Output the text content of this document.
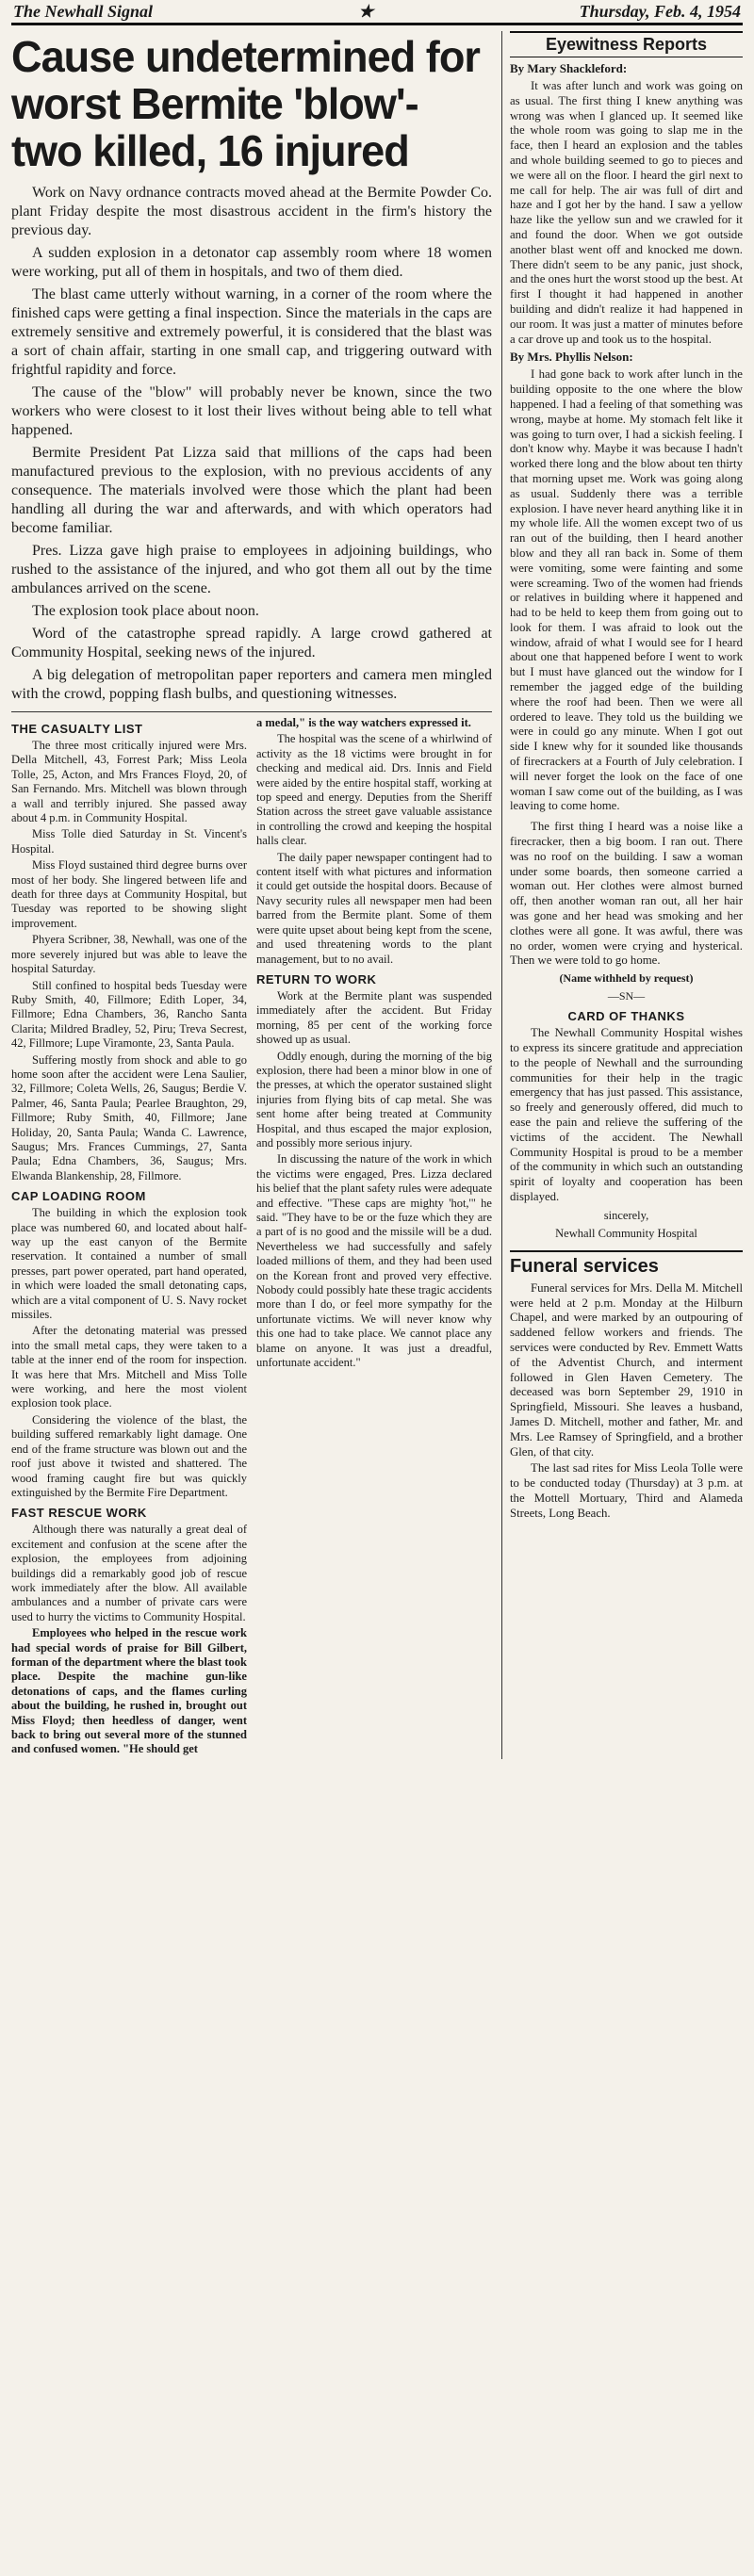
The Newhall Signal	★	Thursday, Feb. 4, 1954
Cause undetermined for
worst Bermite 'blow'-
two killed, 16 injured

Work on Navy ordnance contracts moved ahead at the Bermite Powder Co. plant Friday despite the most disastrous accident in the firm's history the previous day.

A sudden explosion in a detonator cap assembly room where 18 women were working, put all of them in hospitals, and two of them died.

The blast came utterly without warning, in a corner of the room where the finished caps were getting a final inspection. Since the materials in the caps are extremely sensitive and extremely powerful, it is considered that the blast was a sort of chain affair, starting in one small cap, and triggering outward with frightful rapidity and force.

The cause of the "blow" will probably never be known, since the two workers who were closest to it lost their lives without being able to tell what happened.

Bermite President Pat Lizza said that millions of the caps had been manufactured previous to the explosion, with no previous accidents of any consequence. The materials involved were those which the plant had been handling all during the war and afterwards, and with which operators had become familiar.

Pres. Lizza gave high praise to employees in adjoining buildings, who rushed to the assistance of the injured, and who got them all out by the time ambulances arrived on the scene.

The explosion took place about noon.

Word of the catastrophe spread rapidly. A large crowd gathered at Community Hospital, seeking news of the injured.

A big delegation of metropolitan paper reporters and camera men mingled with the crowd, popping flash bulbs, and questioning witnesses.

THE CASUALTY LIST

The three most critically injured were Mrs. Della Mitchell, 43, Forrest Park; Miss Leola Tolle, 25, Acton, and Mrs Frances Floyd, 20, of San Fernando. Mrs. Mitchell was blown through a wall and terribly injured. She passed away about 4 p.m. in Community Hospital.

Miss Tolle died Saturday in St. Vincent's Hospital.

Miss Floyd sustained third degree burns over most of her body. She lingered between life and death for three days at Community Hospital, but Tuesday was reported to be showing slight improvement.

Phyera Scribner, 38, Newhall, was one of the more severely injured but was able to leave the hospital Saturday.

Still confined to hospital beds Tuesday were Ruby Smith, 40, Fillmore; Edith Loper, 34, Fillmore; Edna Chambers, 36, Rancho Santa Clarita; Mildred Bradley, 52, Piru; Treva Secrest, 42, Fillmore; Lupe Viramonte, 23, Santa Paula.

Suffering mostly from shock and able to go home soon after the accident were Lena Saulier, 32, Fillmore; Coleta Wells, 26, Saugus; Berdie V. Palmer, 46, Santa Paula; Pearlee Braughton, 29, Fillmore; Ruby Smith, 40, Fillmore; Jane Holiday, 20, Santa Paula; Wanda C. Lawrence, Saugus; Mrs. Frances Cummings, 27, Santa Paula; Edna Chambers, 36, Saugus; Mrs. Elwanda Blankenship, 28, Fillmore.

CAP LOADING ROOM

The building in which the explosion took place was numbered 60, and located about half-way up the east canyon of the Bermite reservation. It contained a number of small presses, part power operated, part hand operated, in which were loaded the small detonating caps, which are a vital component of U. S. Navy rocket missiles.

After the detonating material was pressed into the small metal caps, they were taken to a table at the inner end of the room for inspection. It was here that Mrs. Mitchell and Miss Tolle were working, and here the most violent explosion took place.

Considering the violence of the blast, the building suffered remarkably light damage. One end of the frame structure was blown out and the roof just above it twisted and shattered. The wood framing caught fire but was quickly extinguished by the Bermite Fire Department.

FAST RESCUE WORK

Although there was naturally a great deal of excitement and confusion at the scene after the explosion, the employees from adjoining buildings did a remarkably good job of rescue work immediately after the blow. All available ambulances and a number of private cars were used to hurry the victims to Community Hospital.

Employees who helped in the rescue work had special words of praise for Bill Gilbert, forman of the department where the blast took place. Despite the machine gun-like detonations of caps, and the flames curling about the building, he rushed in, brought out Miss Floyd; then heedless of danger, went back to bring out several more of the stunned and confused women. "He should get

a medal," is the way watchers expressed it.

The hospital was the scene of a whirlwind of activity as the 18 victims were brought in for checking and medical aid. Drs. Innis and Field were aided by the entire hospital staff, working at top speed and energy. Deputies from the Sheriff Station across the street gave valuable assistance in controlling the crowd and keeping the hospital halls clear.

The daily paper newspaper contingent had to content itself with what pictures and information it could get outside the hospital doors. Because of Navy security rules all newspaper men had been barred from the Bermite plant. Some of them were quite upset about being kept from the scene, and used threatening words to the plant management, but to no avail.

RETURN TO WORK

Work at the Bermite plant was suspended immediately after the accident. But Friday morning, 85 per cent of the working force showed up as usual.

Oddly enough, during the morning of the big explosion, there had been a minor blow in one of the presses, at which the operator sustained slight injuries from flying bits of cap metal. She was sent home after being treated at Community Hospital, and thus escaped the major explosion, and possibly more serious injury.

In discussing the nature of the work in which the victims were engaged, Pres. Lizza declared his belief that the plant safety rules were adequate and effective. "These caps are mighty 'hot,'" he said. "They have to be or the fuze which they are a part of is no good and the missile will be a dud. Nevertheless we had successfully and safely loaded millions of them, and they had been used on the Korean front and proved very effective. Nobody could possibly hate these tragic accidents more than I do, or feel more sympathy for the unfortunate victims. We will never know why this one had to take place. We cannot place any blame on anyone. It was just a dreadful, unfortunate accident."

Eyewitness Reports
By Mary Shackleford:

It was after lunch and work was going on as usual. The first thing I knew anything was wrong was when I glanced up. It seemed like the whole room was going to slap me in the face, then I heard an explosion and the tables and whole building seemed to go to pieces and we were all on the floor. I heard the girl next to me call for help. The air was full of dirt and haze and I got her by the hand. I saw a yellow haze like the yellow sun and we crawled for it and found the door. When we got outside another blast went off and knocked me down. There didn't seem to be any panic, just shock, and the ones hurt the worst stood up the best. At first I thought it had happened in another building and didn't realize it had happened in our room. It was just a matter of minutes before a car drove up and took us to the hospital.

By Mrs. Phyllis Nelson:

I had gone back to work after lunch in the building opposite to the one where the blow happened. I had a feeling of that something was wrong, maybe at home. My stomach felt like it was going to turn over, I had a sickish feeling. I don't know why. Maybe it was because I hadn't worked there long and the blow about ten thirty that morning upset me. Work was going along as usual. Suddenly there was a terrible explosion. I have never heard anything like it in my whole life. All the women except two of us ran out of the building, then I heard another blow and they all ran back in. Some of them were vomiting, some were fainting and some were screaming. Two of the women had friends or relatives in building where it happened and had to be held to keep them from going out to look for them. I was afraid to look out the window, afraid of what I would see for I heard about one that happened before I went to work but I must have glanced out the window for I remember the jagged edge of the building where the roof had been. Then we were all ordered to leave. They told us the building we were in could go any minute. When I got out side I knew why for it sounded like thousands of firecrackers at a Fourth of July celebration. I will never forget the look on the face of one woman I saw come out of the building, as I was leaving to come home.

The first thing I heard was a noise like a firecracker, then a big boom. I ran out. There was no roof on the building. I saw a woman under some boards, then someone carried a woman out. Her clothes were almost burned off, then another woman ran out, all her hair was gone and her head was smoking and her clothes were all gone. It was awful, there was no order, women were crying and hysterical. Then we were told to go home.

(Name withheld by request)
—SN—
CARD OF THANKS

The Newhall Community Hospital wishes to express its sincere gratitude and appreciation to the people of Newhall and the surrounding communities for their help in the tragic emergency that has just passed. This assistance, so freely and generously offered, did much to ease the pain and relieve the suffering of the victims of the accident. The Newhall Community Hospital is proud to be a member of the community in which such an outstanding spirit of loyalty and cooperation has been displayed.

sincerely,
Newhall Community Hospital
Funeral services

Funeral services for Mrs. Della M. Mitchell were held at 2 p.m. Monday at the Hilburn Chapel, and were marked by an outpouring of saddened fellow workers and friends. The services were conducted by Rev. Emmett Watts of the Adventist Church, and interment followed in Glen Haven Cemetery. The deceased was born September 29, 1910 in Springfield, Missouri. She leaves a husband, James D. Mitchell, mother and father, Mr. and Mrs. Lee Ramsey of Springfield, and a brother Glen, of that city.

The last sad rites for Miss Leola Tolle were to be conducted today (Thursday) at 3 p.m. at the Mottell Mortuary, Third and Alameda Streets, Long Beach.
